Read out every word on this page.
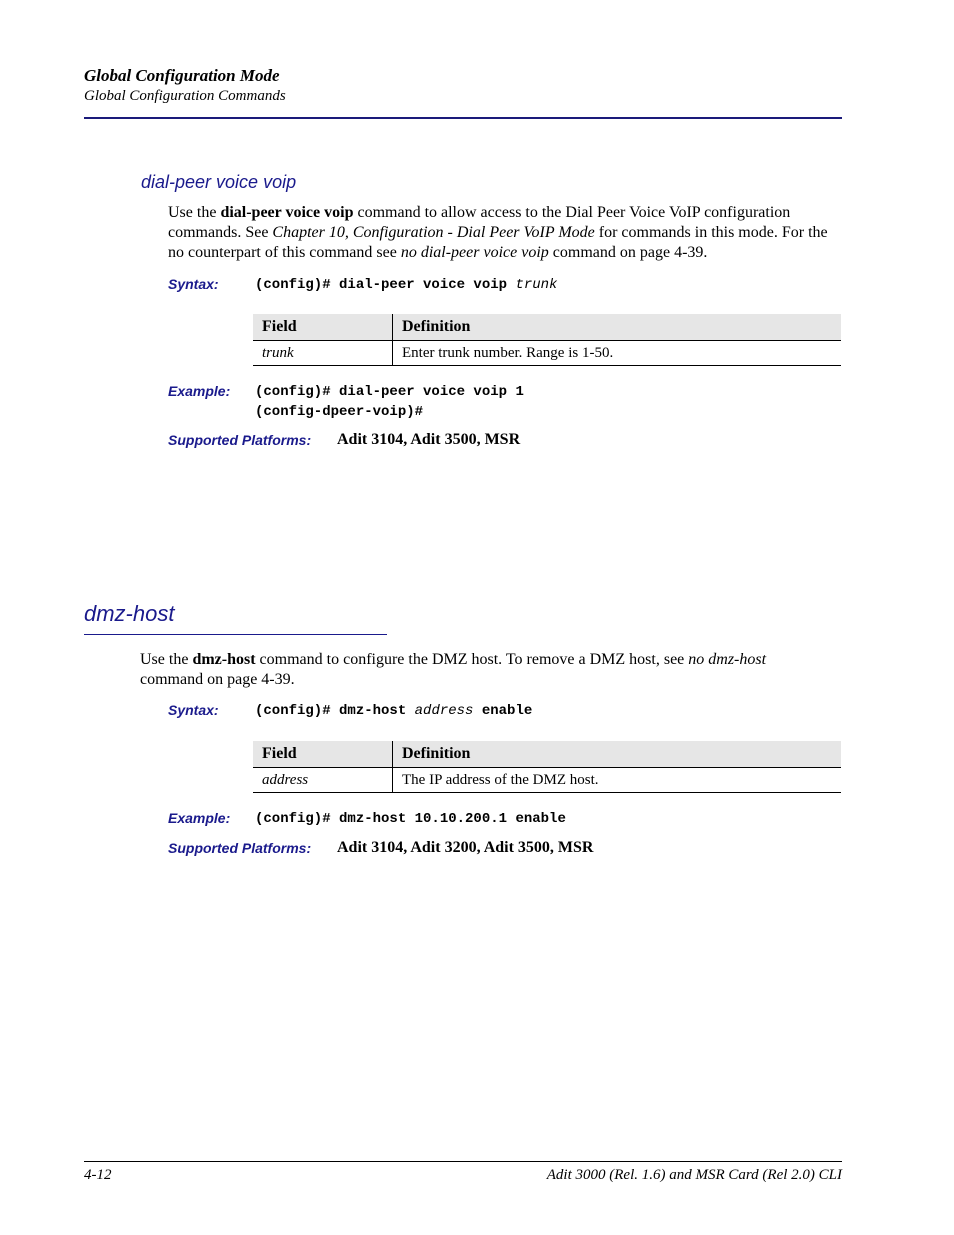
Global Configuration Mode
Global Configuration Commands
dial-peer voice voip
Use the dial-peer voice voip command to allow access to the Dial Peer Voice VoIP configuration commands. See Chapter 10, Configuration - Dial Peer VoIP Mode for commands in this mode. For the no counterpart of this command see no dial-peer voice voip command on page 4-39.
Syntax:	(config)# dial-peer voice voip trunk
Field	Definition
trunk	Enter trunk number. Range is 1-50.
Example: (config)# dial-peer voice voip 1
(config-dpeer-voip)#
Supported Platforms: Adit 3104, Adit 3500, MSR
dmz-host
Use the dmz-host command to configure the DMZ host. To remove a DMZ host, see no dmz-host command on page 4-39.
Syntax:	(config)# dmz-host address enable
Field	Definition
address	The IP address of the DMZ host.
Example: (config)# dmz-host 10.10.200.1 enable
Supported Platforms: Adit 3104, Adit 3200, Adit 3500, MSR
4-12	Adit 3000 (Rel. 1.6) and MSR Card (Rel 2.0) CLI
